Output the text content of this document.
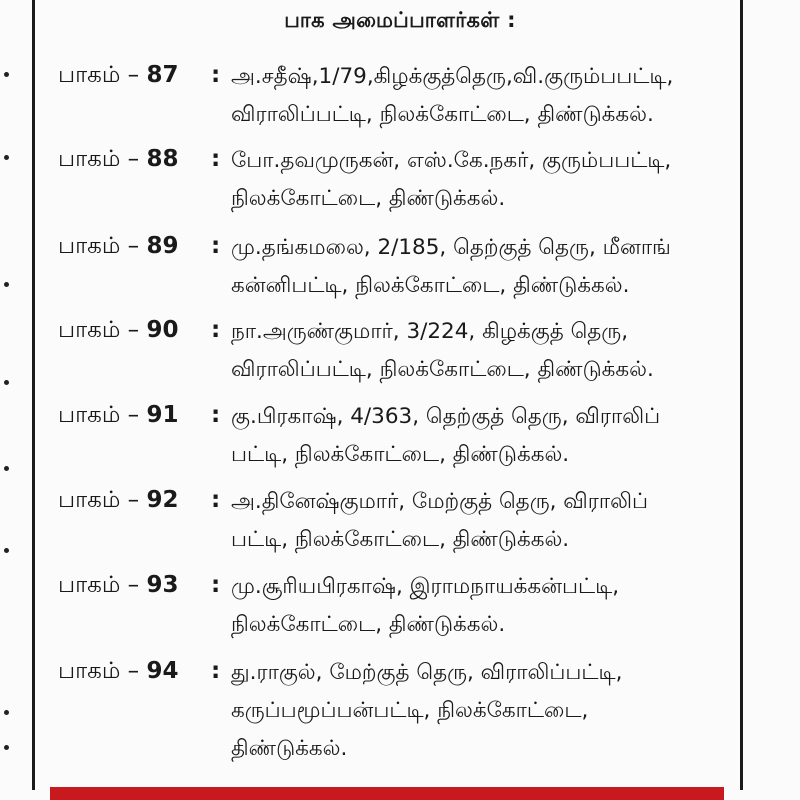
பாக அமைப்பாளர்கள் :
பாகம் – 87	: அ.சதீஷ்,1/79,கிழக்குத்தெரு,வி.குரும்பபட்டி,
விராலிப்பட்டி, நிலக்கோட்டை, திண்டுக்கல்.
பாகம் – 88	: போ.தவமுருகன், எஸ்.கே.நகர், குரும்பபட்டி,
நிலக்கோட்டை, திண்டுக்கல்.
பாகம் – 89	: மு.தங்கமலை, 2/185, தெற்குத் தெரு, மீனாங்
கன்னிபட்டி, நிலக்கோட்டை, திண்டுக்கல்.
பாகம் – 90	: நா.அருண்குமார், 3/224, கிழக்குத் தெரு,
விராலிப்பட்டி, நிலக்கோட்டை, திண்டுக்கல்.
பாகம் – 91	: கு.பிரகாஷ், 4/363, தெற்குத் தெரு, விராலிப்
பட்டி, நிலக்கோட்டை, திண்டுக்கல்.
பாகம் – 92	: அ.தினேஷ்குமார், மேற்குத் தெரு, விராலிப்
பட்டி, நிலக்கோட்டை, திண்டுக்கல்.
பாகம் – 93	: மு.சூரியபிரகாஷ், இராமநாயக்கன்பட்டி,
நிலக்கோட்டை, திண்டுக்கல்.
பாகம் – 94	: து.ராகுல், மேற்குத் தெரு, விராலிப்பட்டி,
கருப்பமூப்பன்பட்டி, நிலக்கோட்டை,
திண்டுக்கல்.
